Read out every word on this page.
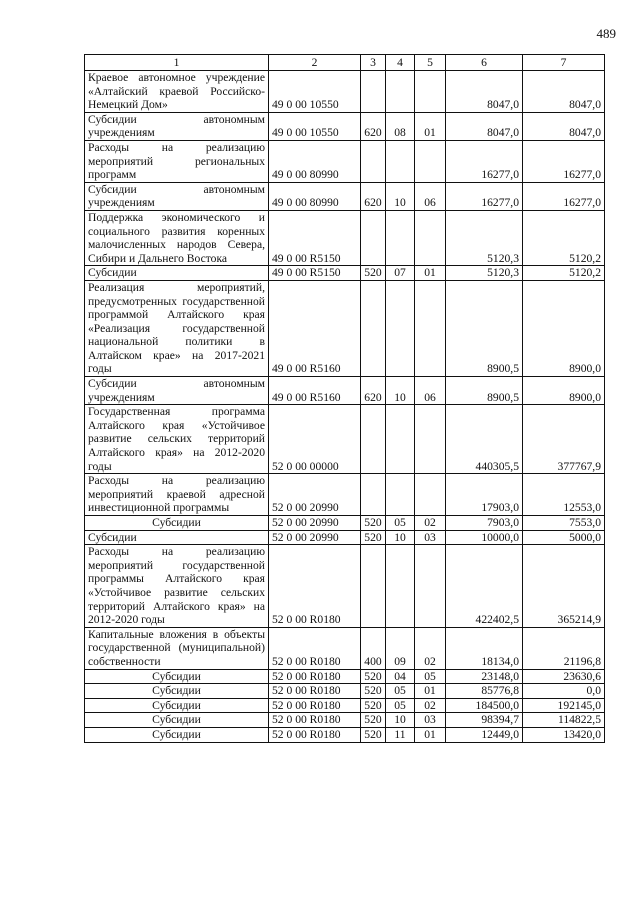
489
1	2	3	4	5	6	7
Краевое автономное учреждение «Алтайский краевой Российско-Немецкий Дом»	49 0 00 10550				8047,0	8047,0
Субсидии автономным учреждениям	49 0 00 10550	620	08	01	8047,0	8047,0
Расходы на реализацию мероприятий региональных программ	49 0 00 80990				16277,0	16277,0
Субсидии автономным учреждениям	49 0 00 80990	620	10	06	16277,0	16277,0
Поддержка экономического и социального развития коренных малочисленных народов Севера, Сибири и Дальнего Востока	49 0 00 R5150				5120,3	5120,2
Субсидии	49 0 00 R5150	520	07	01	5120,3	5120,2
Реализация мероприятий, предусмотренных государственной программой Алтайского края «Реализация государственной национальной политики в Алтайском крае» на 2017-2021 годы	49 0 00 R5160				8900,5	8900,0
Субсидии автономным учреждениям	49 0 00 R5160	620	10	06	8900,5	8900,0
Государственная программа Алтайского края «Устойчивое развитие сельских территорий Алтайского края» на 2012-2020 годы	52 0 00 00000				440305,5	377767,9
Расходы на реализацию мероприятий краевой адресной инвестиционной программы	52 0 00 20990				17903,0	12553,0
Субсидии	52 0 00 20990	520	05	02	7903,0	7553,0
Субсидии	52 0 00 20990	520	10	03	10000,0	5000,0
Расходы на реализацию мероприятий государственной программы Алтайского края «Устойчивое развитие сельских территорий Алтайского края» на 2012-2020 годы	52 0 00 R0180				422402,5	365214,9
Капитальные вложения в объекты государственной (муниципальной) собственности	52 0 00 R0180	400	09	02	18134,0	21196,8
Субсидии	52 0 00 R0180	520	04	05	23148,0	23630,6
Субсидии	52 0 00 R0180	520	05	01	85776,8	0,0
Субсидии	52 0 00 R0180	520	05	02	184500,0	192145,0
Субсидии	52 0 00 R0180	520	10	03	98394,7	114822,5
Субсидии	52 0 00 R0180	520	11	01	12449,0	13420,0
